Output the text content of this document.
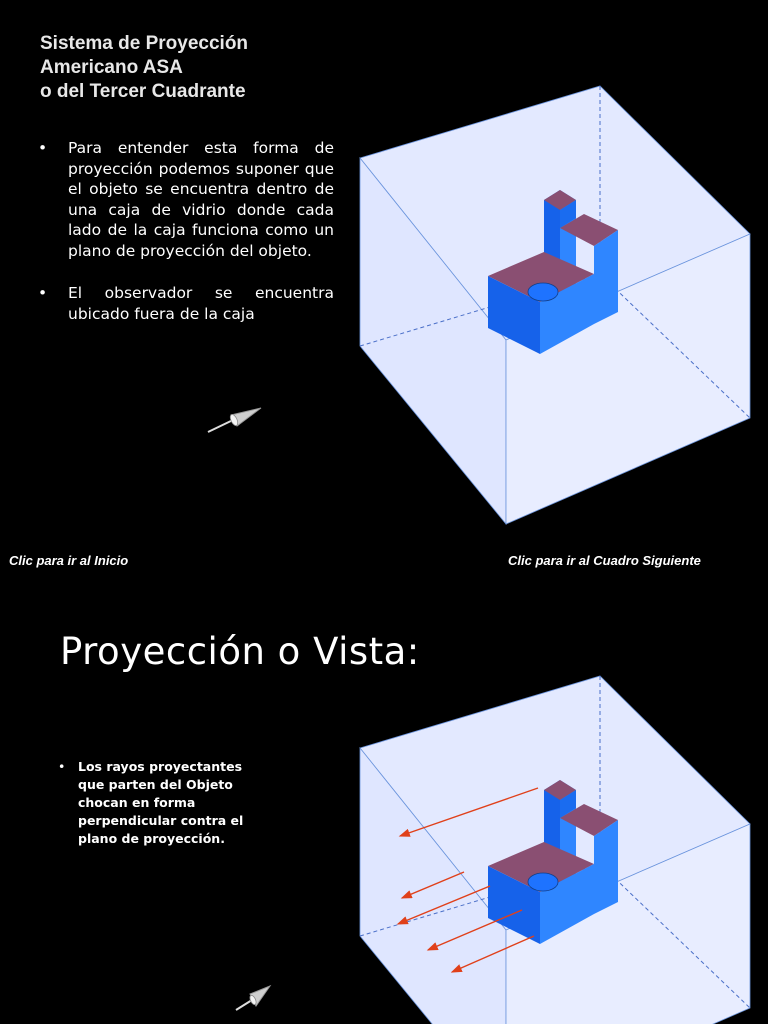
Sistema de Proyección
Americano ASA
o del Tercer Cuadrante
• Para entender esta forma de proyección podemos suponer que el objeto se encuentra dentro de una caja de vidrio donde cada lado de la caja funciona como un plano de proyección del objeto.
• El observador se encuentra ubicado fuera de la caja
Clic para ir al Inicio	Clic para ir al Cuadro Siguiente
Proyección o Vista:
• Los rayos proyectantes que parten del Objeto chocan en forma perpendicular contra el plano de proyección.
